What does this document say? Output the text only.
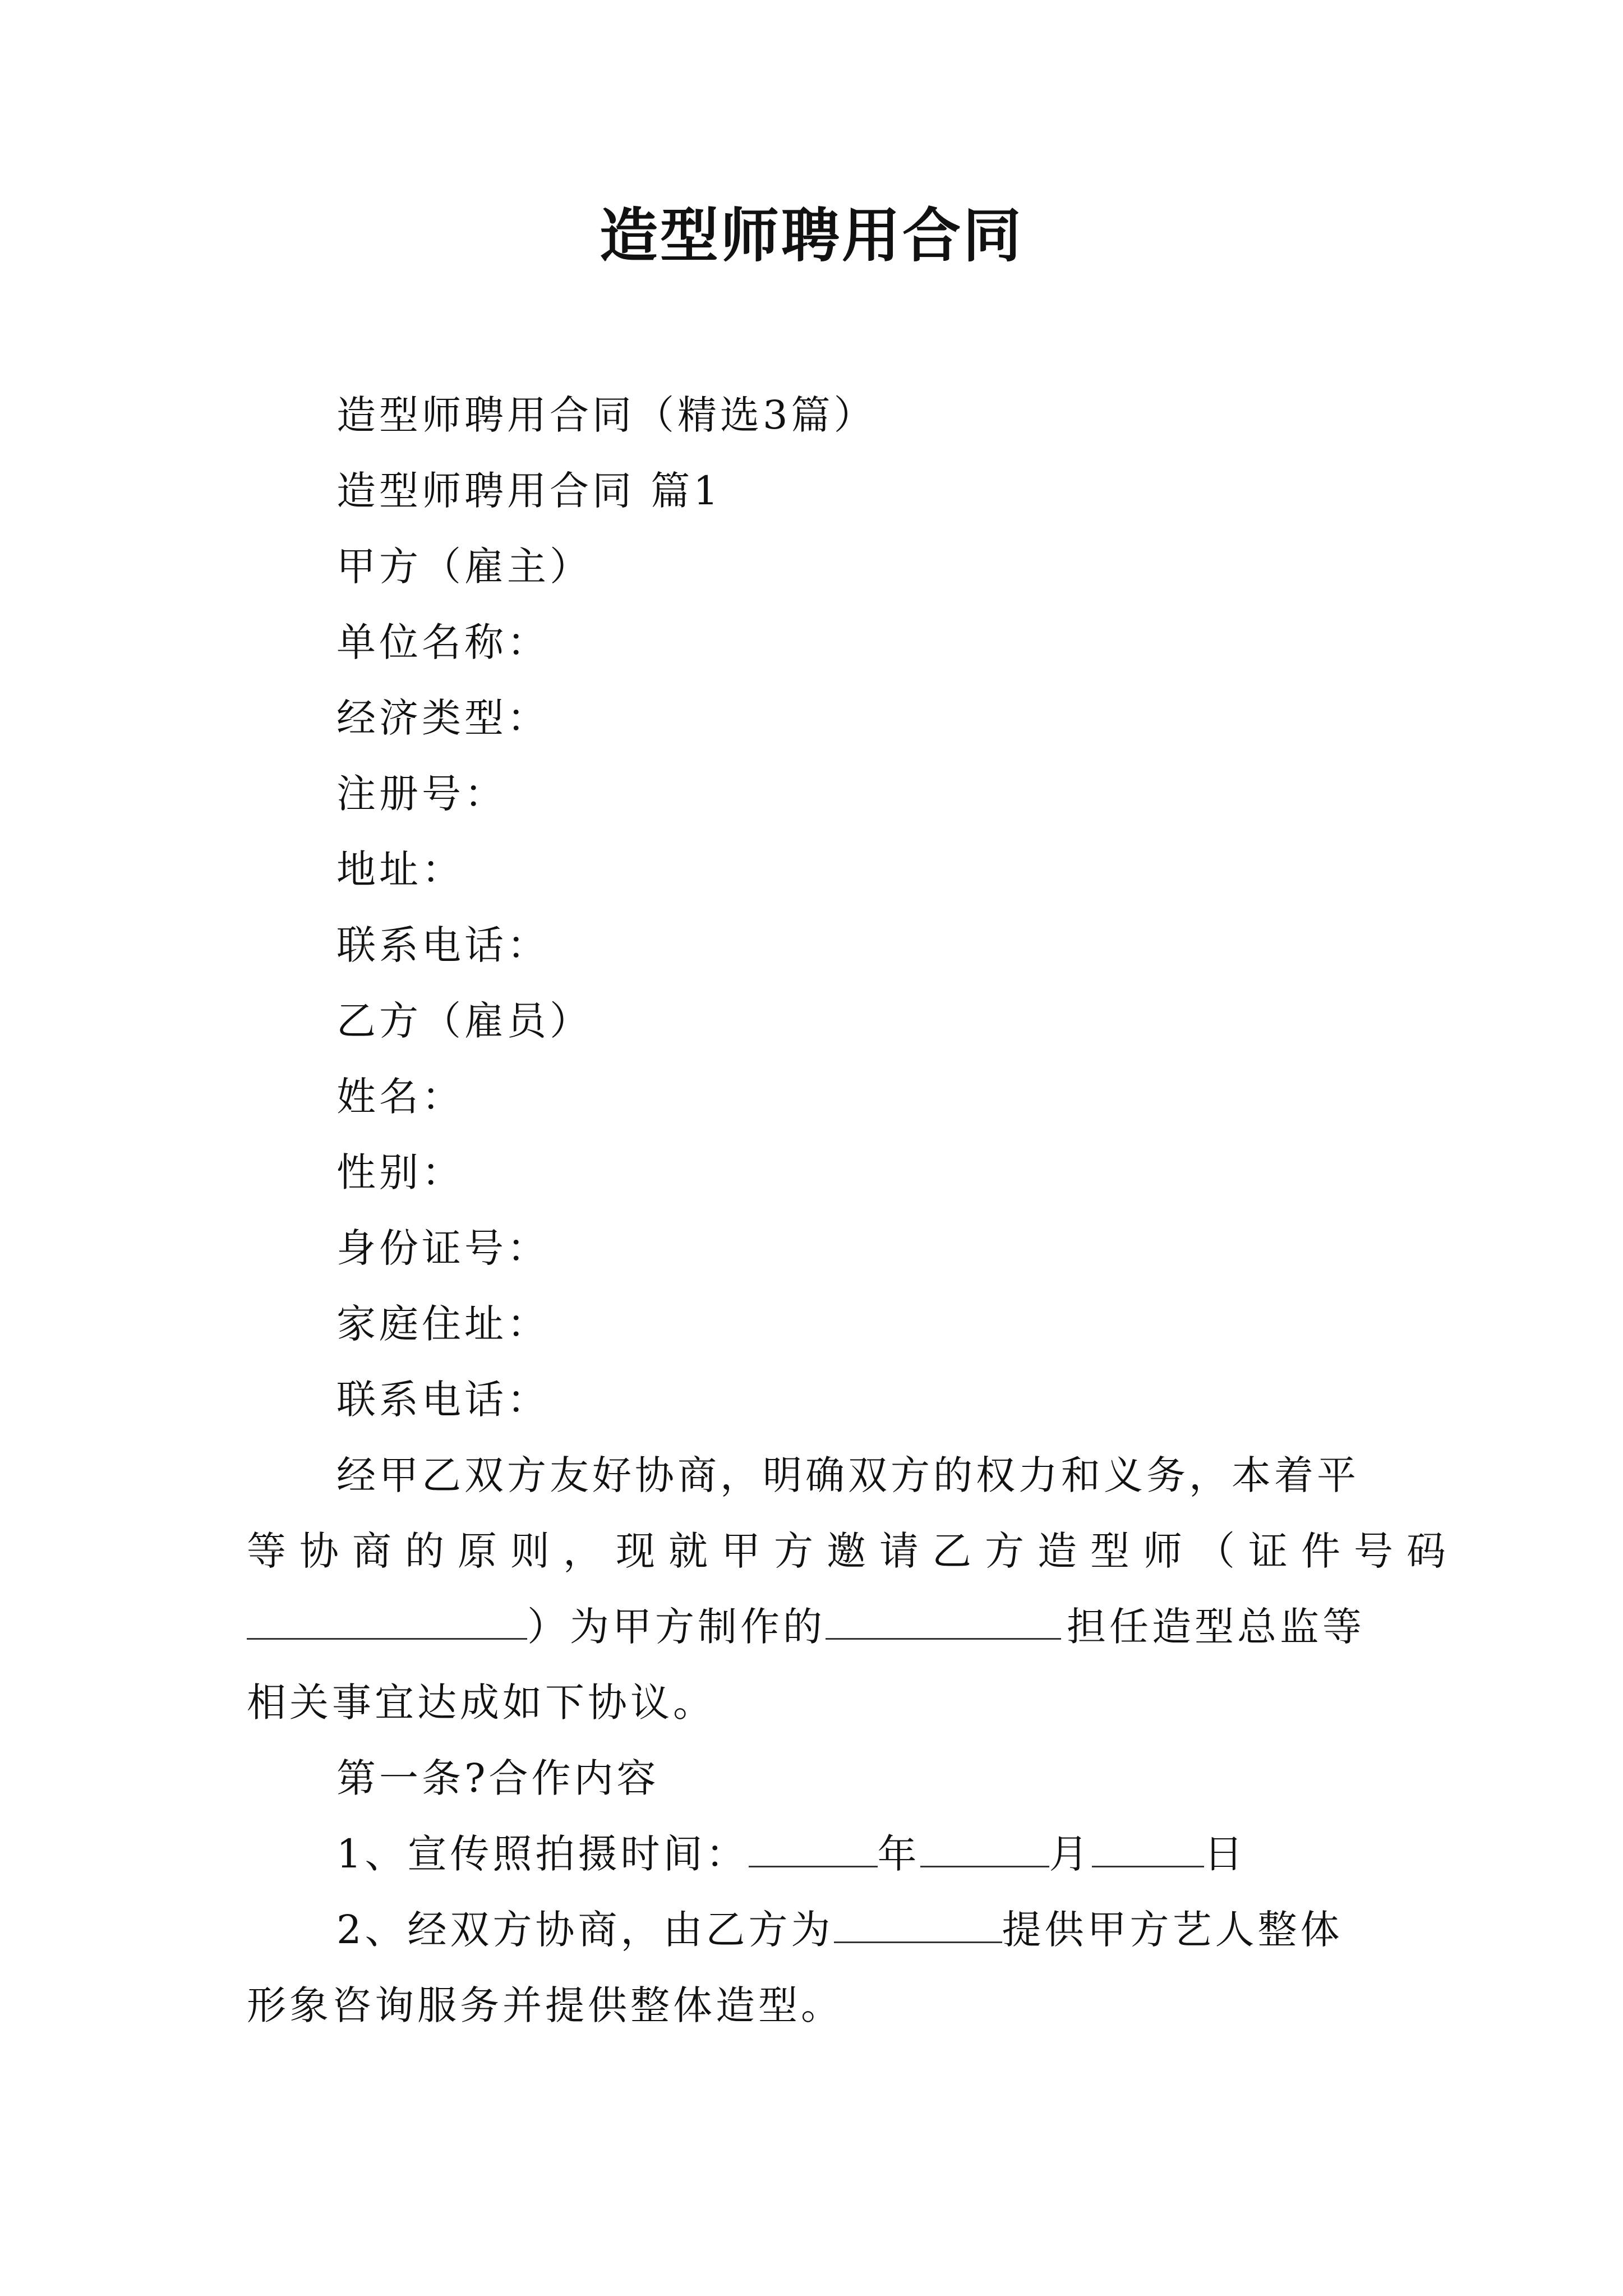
造型师聘用合同
造型师聘用合同（精选3篇）
造型师聘用合同 篇1
甲方（雇主）
单位名称：
经济类型：
注册号：
地址：
联系电话：
乙方（雇员）
姓名：
性别：
身份证号：
家庭住址：
联系电话：
经甲乙双方友好协商，明确双方的权力和义务，本着平
等协商的原则，现就甲方邀请乙方造型师（证件号码
）为甲方制作的	担任造型总监等
相关事宜达成如下协议。
第一条?合作内容
1、宣传照拍摄时间：	年	月	日
2、经双方协商，由乙方为	提供甲方艺人整体
形象咨询服务并提供整体造型。
